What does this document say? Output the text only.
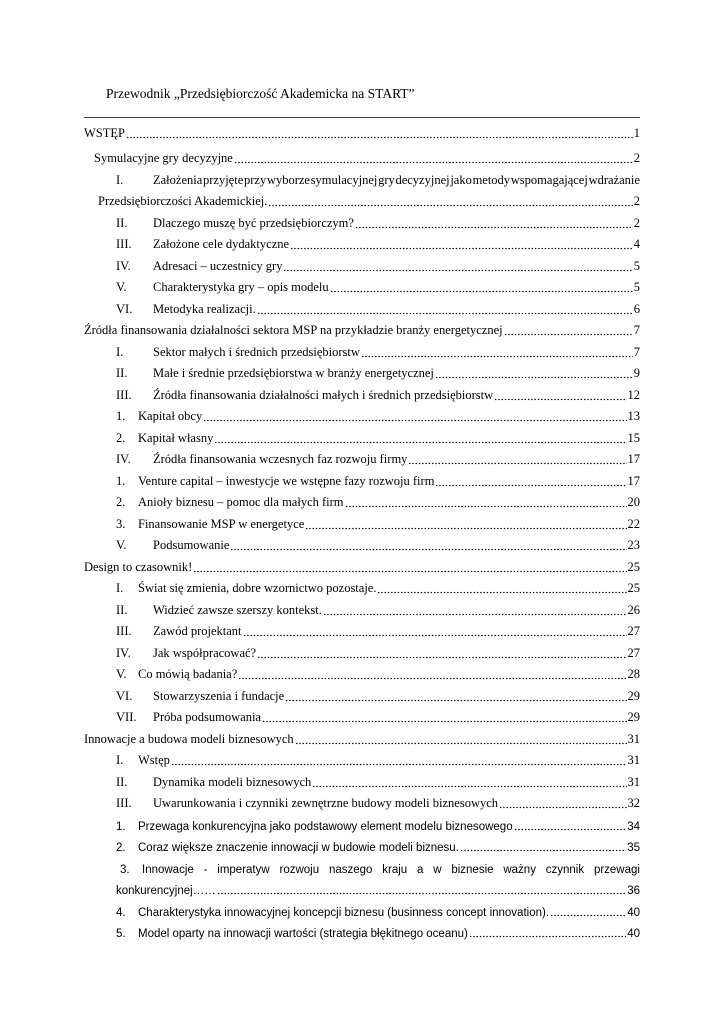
Przewodnik „Przedsiębiorczość Akademicka na START”
WSTĘP	1
Symulacyjne gry decyzyjne	2
I.	Założenia przyjęte przy wyborze symulacyjnej gry decyzyjnej jako metody wspomagającej wdrażanie
Przedsiębiorczości Akademickiej.	2
II.	Dlaczego muszę być przedsiębiorczym?	2
III.	Założone cele dydaktyczne	4
IV.	Adresaci – uczestnicy gry	5
V.	Charakterystyka gry – opis modelu	5
VI.	Metodyka realizacji.	6
Źródła finansowania działalności sektora MSP na przykładzie branży energetycznej	7
I.	Sektor małych i średnich przedsiębiorstw	7
II.	Małe i średnie przedsiębiorstwa w branży energetycznej	9
III.	Źródła finansowania działalności małych i średnich przedsiębiorstw	12
1.	Kapitał obcy	13
2.	Kapitał własny	15
IV.	Źródła finansowania wczesnych faz rozwoju firmy	17
1.	Venture capital – inwestycje we wstępne fazy rozwoju firm	17
2.	Anioły biznesu – pomoc dla małych firm	20
3.	Finansowanie MSP w energetyce	22
V.	Podsumowanie	23
Design to czasownik!	25
I.	Świat się zmienia, dobre wzornictwo pozostaje.	25
II.	Widzieć zawsze szerszy kontekst.	26
III.	Zawód projektant	27
IV.	Jak współpracować?	27
V. Co mówią badania?	28
VI.	Stowarzyszenia i fundacje	29
VII.	Próba podsumowania	29
Innowacje a budowa modeli biznesowych	31
I.	Wstęp	31
II.	Dynamika modeli biznesowych	31
III.	Uwarunkowania i czynniki zewnętrzne budowy modeli biznesowych	32
1.	Przewaga konkurencyjna jako podstawowy element modelu biznesowego	34
2.	Coraz większe znaczenie innowacji w budowie modeli biznesu.	35
3.	Innowacje - imperatyw rozwoju naszego kraju a w biznesie ważny czynnik przewagi
konkurencyjnej……	36
4.	Charakterystyka innowacyjnej koncepcji biznesu (businness concept innovation).	40
5.	Model oparty na innowacji wartości (strategia błękitnego oceanu)	40
